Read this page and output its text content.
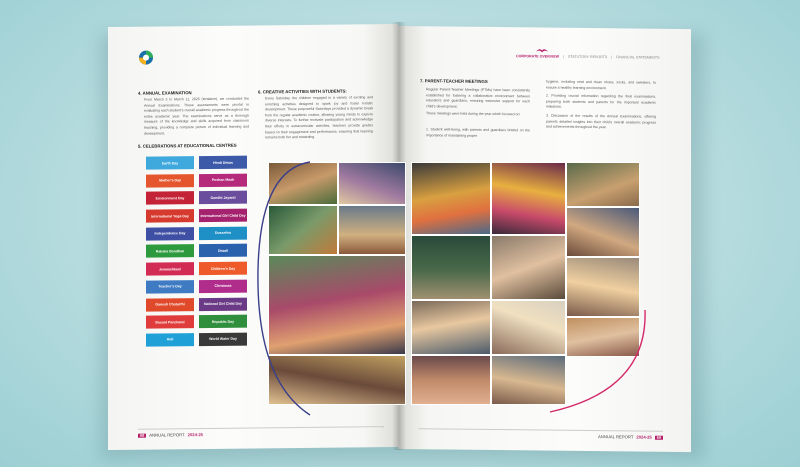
4. ANNUAL EXAMINATION
From March 3 to March 11, 2025 (tentative), we conducted the Annual Examinations. These assessments were pivotal in evaluating each student's overall academic progress throughout the entire academic year. The examinations serve as a thorough measure of the knowledge and skills acquired from classroom teaching, providing a complete picture of individual learning and development.
5. CELEBRATIONS AT EDUCATIONAL CENTRES
Earth Day	Hindi Diwas
Mother's Day	Poshan Maah
Environment Day	Gandhi Jayanti
International Yoga Day	International Girl Child Day
Independence Day	Dussehra
Raksha Bandhan	Diwali
Janmashtami	Children's Day
Teacher's Day	Christmas
Ganesh Chaturthi	National Girl Child Day
Basant Panchami	Republic Day
Holi	World Water Day
6. CREATIVE ACTIVITIES WITH STUDENTS:
Every Saturday, the children engaged in a variety of exciting and enriching activities designed to spark joy and foster holistic development. These purposeful Saturdays provided a dynamic break from the regular academic routine, allowing young minds to explore diverse interests. To further motivate participation and acknowledge their efforts in extracurricular activities, teachers provide grades based on their engagement and performance, ensuring that learning remains both fun and rewarding.
68	ANNUAL REPORT 2024-25
CORPORATE OVERVIEW | STATUTORY REPORTS | FINANCIAL STATEMENTS
7. PARENT-TEACHER MEETINGS
Regular Parent-Teacher Meetings (PTMs) have been consistently established for fostering a collaborative environment between educators and guardians, ensuring extensive support for each child's development.
These meetings were held during the year which focused on:
1. Student well-being, with parents and guardians briefed on the importance of maintaining proper
hygiene, including neat and clean shoes, socks, and sweaters, to ensure a healthy learning environment.
2. Providing crucial information regarding the final examinations, preparing both students and parents for the important academic milestone.
3. Discussion of the results of the Annual Examinations, offering parents detailed insights into their child's overall academic progress and achievements throughout the year.
ANNUAL REPORT 2024-25	69
